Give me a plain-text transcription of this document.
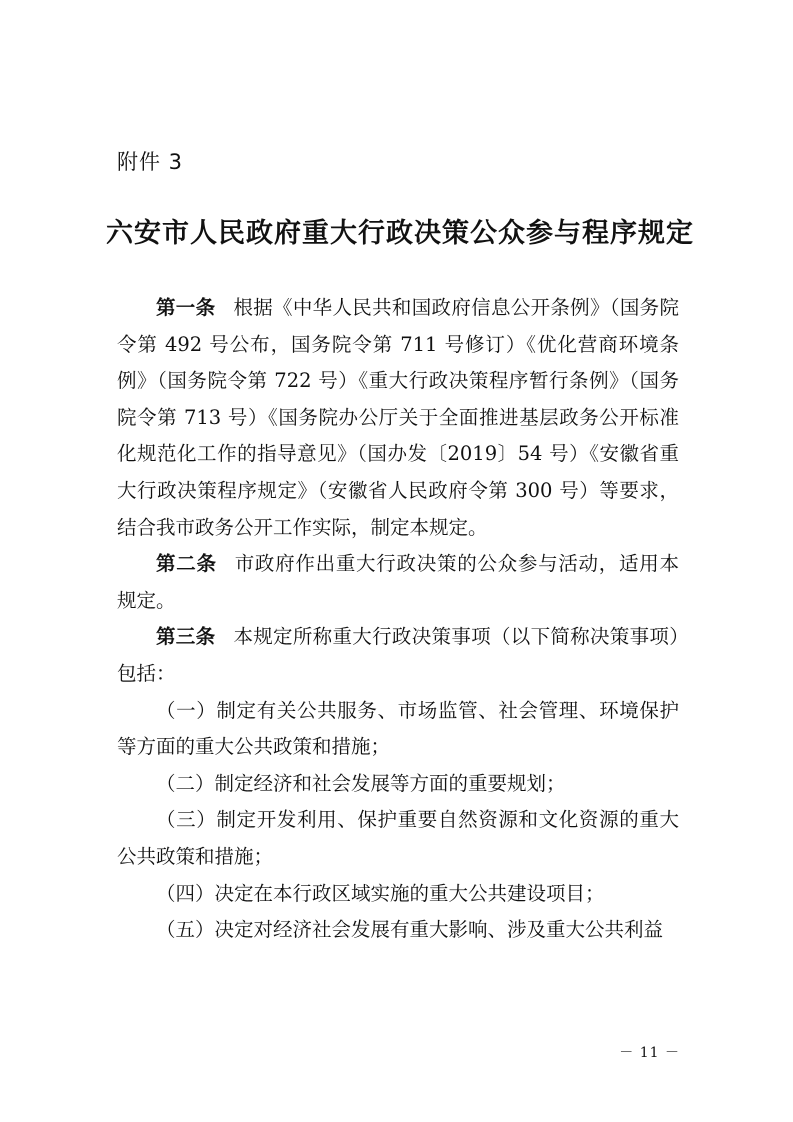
附件 3
六安市人民政府重大行政决策公众参与程序规定

第一条 根据《中华人民共和国政府信息公开条例》（国务院令第 492 号公布，国务院令第 711 号修订）《优化营商环境条例》（国务院令第 722 号）《重大行政决策程序暂行条例》（国务院令第 713 号）《国务院办公厅关于全面推进基层政务公开标准化规范化工作的指导意见》（国办发〔2019〕54 号）《安徽省重大行政决策程序规定》（安徽省人民政府令第 300 号）等要求，结合我市政务公开工作实际，制定本规定。

第二条 市政府作出重大行政决策的公众参与活动，适用本规定。

第三条 本规定所称重大行政决策事项（以下简称决策事项）包括：

（一）制定有关公共服务、市场监管、社会管理、环境保护等方面的重大公共政策和措施；

（二）制定经济和社会发展等方面的重要规划；

（三）制定开发利用、保护重要自然资源和文化资源的重大公共政策和措施；

（四）决定在本行政区域实施的重大公共建设项目；

（五）决定对经济社会发展有重大影响、涉及重大公共利益

－ 11 －
